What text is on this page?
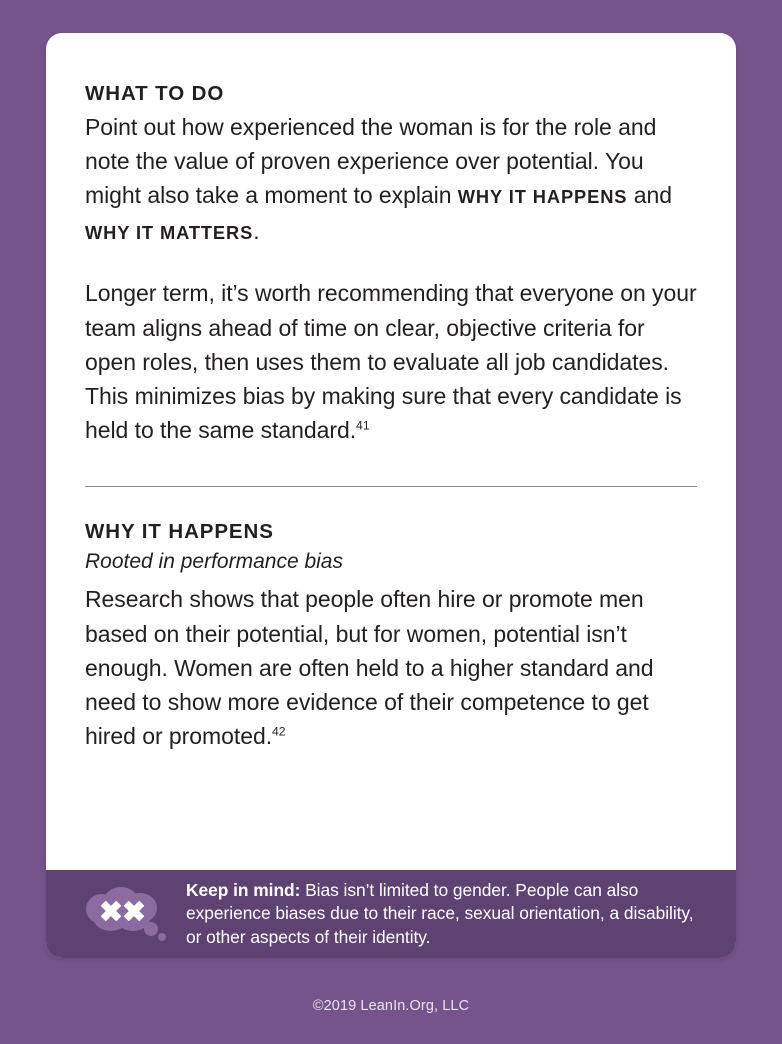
WHAT TO DO

Point out how experienced the woman is for the role and note the value of proven experience over potential. You might also take a moment to explain WHY IT HAPPENS and WHY IT MATTERS.

Longer term, it’s worth recommending that everyone on your team aligns ahead of time on clear, objective criteria for open roles, then uses them to evaluate all job candidates. This minimizes bias by making sure that every candidate is held to the same standard.$^{41}$

WHY IT HAPPENS
Rooted in performance bias

Research shows that people often hire or promote men based on their potential, but for women, potential isn’t enough. Women are often held to a higher standard and need to show more evidence of their competence to get hired or promoted.$^{42}$

Keep in mind: Bias isn’t limited to gender. People can also experience biases due to their race, sexual orientation, a disability, or other aspects of their identity.
©2019 LeanIn.Org, LLC
